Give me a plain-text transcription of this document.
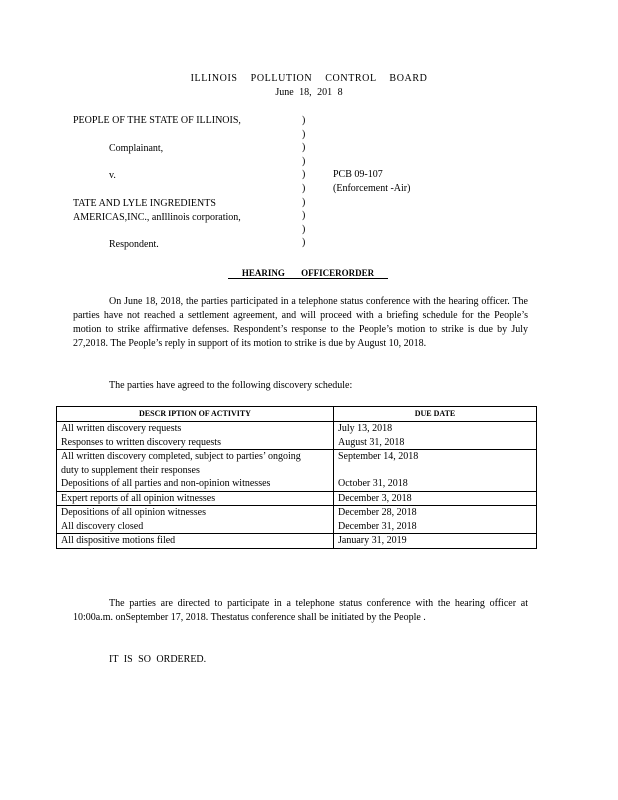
ILLINOIS POLLUTION CONTROL BOARD
June 18, 201 8
PEOPLE OF THE STATE OF ILLINOIS,
Complainant,
v.
TATE AND LYLE INGREDIENTS
AMERICAS,INC., anIllinois corporation,
Respondent.
)
)
)
)
)
)
)
)
)
)
PCB 09-107
(Enforcement -Air)
HEARING OFFICERORDER
On June 18, 2018, the parties participated in a telephone status conference with the hearing officer. The parties have not reached a settlement agreement, and will proceed with a briefing schedule for the People’s motion to strike affirmative defenses. Respondent’s response to the People’s motion to strike is due by July 27,2018. The People’s reply in support of its motion to strike is due by August 10, 2018.
The parties have agreed to the following discovery schedule:
DESCR IPTION OF ACTIVITY	DUE DATE
All written discovery requests	July 13, 2018
Responses to written discovery requests	August 31, 2018
All written discovery completed, subject to parties’ ongoing duty to supplement their responses	September 14, 2018
Depositions of all parties and non-opinion witnesses	October 31, 2018
Expert reports of all opinion witnesses	December 3, 2018
Depositions of all opinion witnesses	December 28, 2018
All discovery closed	December 31, 2018
All dispositive motions filed	January 31, 2019
The parties are directed to participate in a telephone status conference with the hearing officer at 10:00a.m. onSeptember 17, 2018. Thestatus conference shall be initiated by the People .
IT IS SO ORDERED.
